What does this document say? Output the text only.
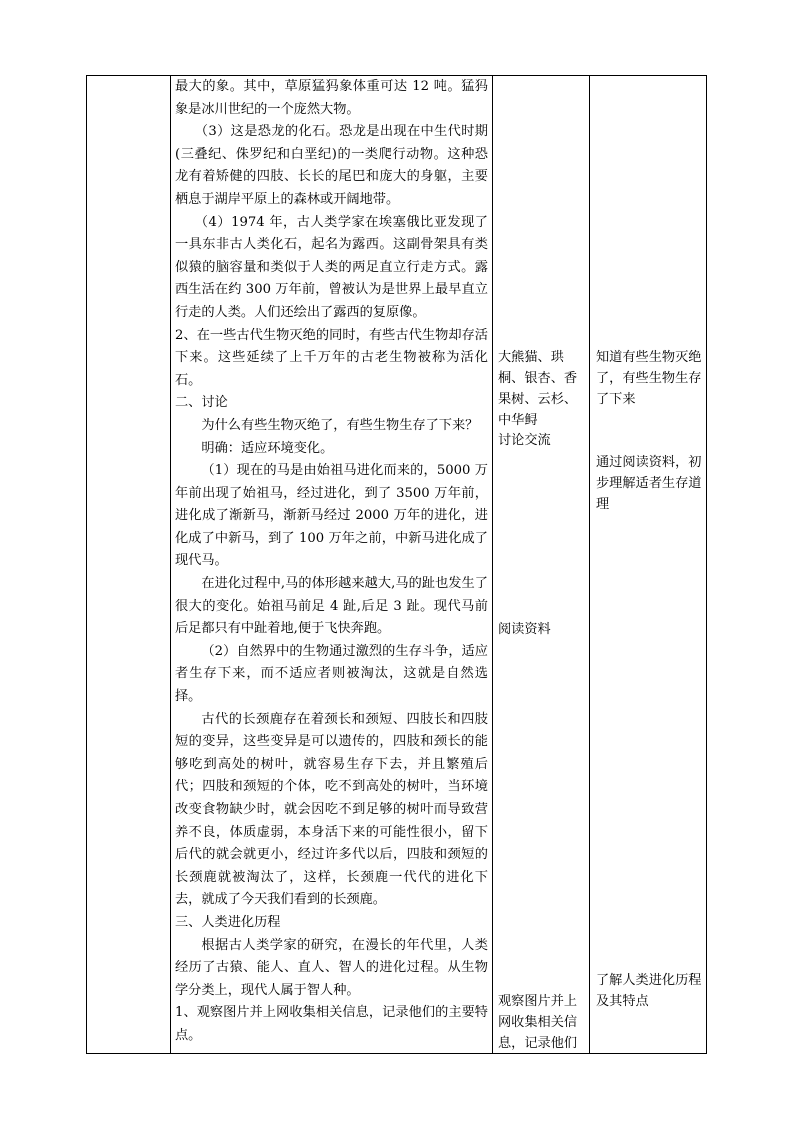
最大的象。其中，草原猛犸象体重可达 12 吨。猛犸象是冰川世纪的一个庞然大物。

（3）这是恐龙的化石。恐龙是出现在中生代时期(三叠纪、侏罗纪和白垩纪)的一类爬行动物。这种恐龙有着矫健的四肢、长长的尾巴和庞大的身躯，主要栖息于湖岸平原上的森林或开阔地带。

（4）1974 年，古人类学家在埃塞俄比亚发现了一具东非古人类化石，起名为露西。这副骨架具有类似猿的脑容量和类似于人类的两足直立行走方式。露西生活在约 300 万年前，曾被认为是世界上最早直立行走的人类。人们还绘出了露西的复原像。

2、在一些古代生物灭绝的同时，有些古代生物却存活下来。这些延续了上千万年的古老生物被称为活化石。

二、讨论

为什么有些生物灭绝了，有些生物生存了下来？

明确：适应环境变化。

（1）现在的马是由始祖马进化而来的，5000 万年前出现了始祖马，经过进化，到了 3500 万年前，进化成了渐新马，渐新马经过 2000 万年的进化，进化成了中新马，到了 100 万年之前，中新马进化成了现代马。

在进化过程中,马的体形越来越大,马的趾也发生了很大的变化。始祖马前足 4 趾,后足 3 趾。现代马前后足都只有中趾着地,便于飞快奔跑。

（2）自然界中的生物通过激烈的生存斗争，适应者生存下来，而不适应者则被淘汰，这就是自然选择。

古代的长颈鹿存在着颈长和颈短、四肢长和四肢短的变异，这些变异是可以遗传的，四肢和颈长的能够吃到高处的树叶，就容易生存下去，并且繁殖后代；四肢和颈短的个体，吃不到高处的树叶，当环境改变食物缺少时，就会因吃不到足够的树叶而导致营养不良，体质虚弱，本身活下来的可能性很小，留下后代的就会就更小，经过许多代以后，四肢和颈短的长颈鹿就被淘汰了，这样，长颈鹿一代代的进化下去，就成了今天我们看到的长颈鹿。

三、人类进化历程

根据古人类学家的研究，在漫长的年代里，人类经历了古猿、能人、直人、智人的进化过程。从生物学分类上，现代人属于智人种。

1、观察图片并上网收集相关信息，记录他们的主要特点。

大熊猫、珙桐、银杏、香果树、云杉、中华鲟

讨论交流

阅读资料

观察图片并上网收集相关信息，记录他们

知道有些生物灭绝了，有些生物生存了下来

通过阅读资料，初步理解适者生存道理

了解人类进化历程及其特点
